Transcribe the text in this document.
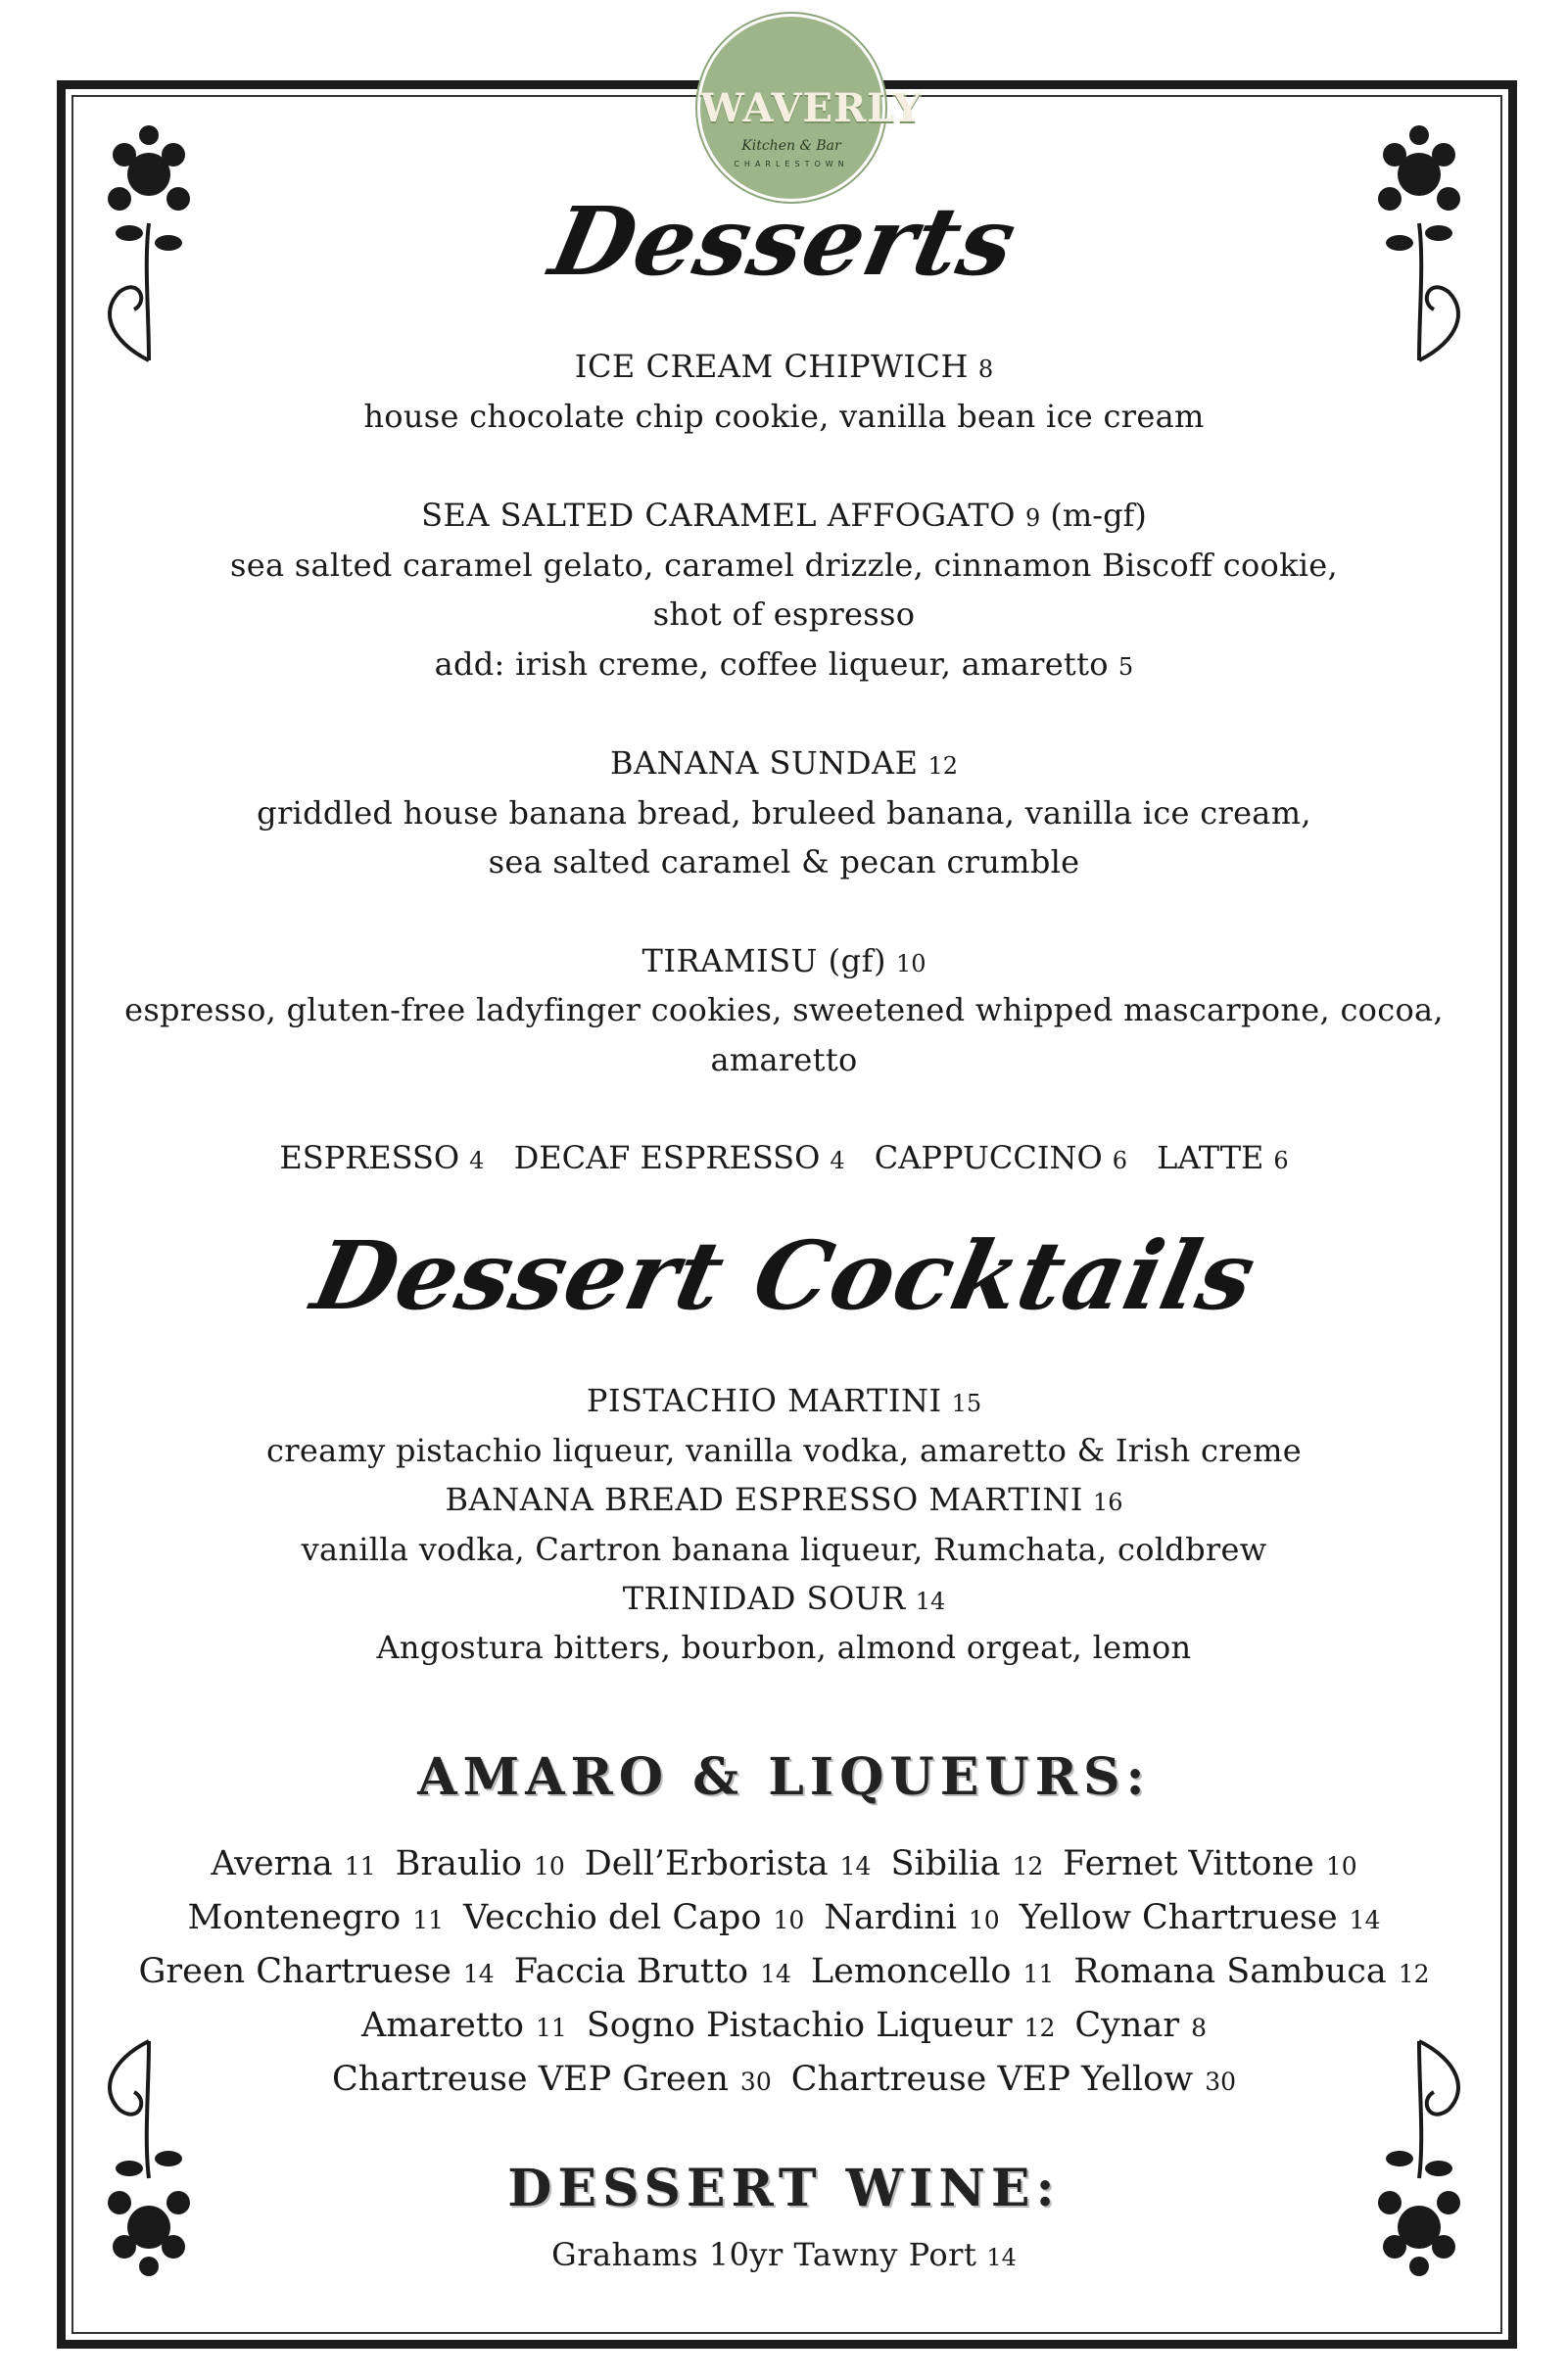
WAVERLY
Kitchen & Bar
CHARLESTOWN
Desserts
ICE CREAM CHIPWICH 8
house chocolate chip cookie, vanilla bean ice cream
SEA SALTED CARAMEL AFFOGATO 9 (m-gf)
sea salted caramel gelato, caramel drizzle, cinnamon Biscoff cookie,
shot of espresso
add: irish creme, coffee liqueur, amaretto 5
BANANA SUNDAE 12
griddled house banana bread, bruleed banana, vanilla ice cream,
sea salted caramel & pecan crumble
TIRAMISU (gf) 10
espresso, gluten-free ladyfinger cookies, sweetened whipped mascarpone, cocoa,
amaretto
ESPRESSO 4 DECAF ESPRESSO 4 CAPPUCCINO 6 LATTE 6
Dessert Cocktails
PISTACHIO MARTINI 15
creamy pistachio liqueur, vanilla vodka, amaretto & Irish creme
BANANA BREAD ESPRESSO MARTINI 16
vanilla vodka, Cartron banana liqueur, Rumchata, coldbrew
TRINIDAD SOUR 14
Angostura bitters, bourbon, almond orgeat, lemon
AMARO & LIQUEURS:
Averna 11 Braulio 10 Dell’Erborista 14 Sibilia 12 Fernet Vittone 10
Montenegro 11 Vecchio del Capo 10 Nardini 10 Yellow Chartruese 14
Green Chartruese 14 Faccia Brutto 14 Lemoncello 11 Romana Sambuca 12
Amaretto 11 Sogno Pistachio Liqueur 12 Cynar 8
Chartreuse VEP Green 30 Chartreuse VEP Yellow 30
DESSERT WINE:
Grahams 10yr Tawny Port 14
